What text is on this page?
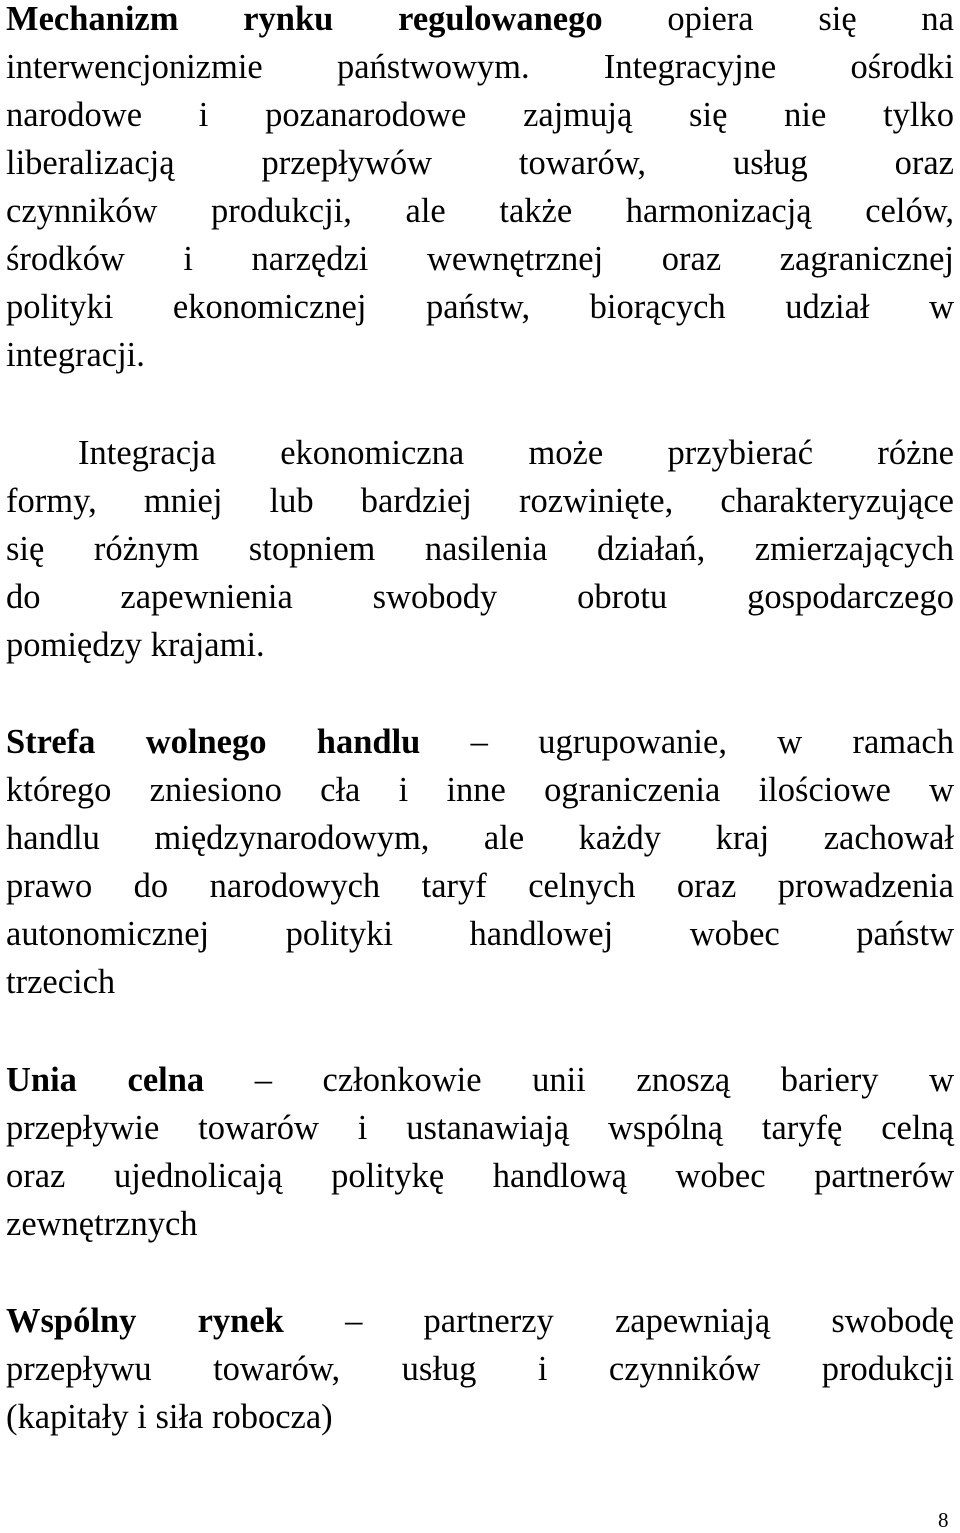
Mechanizm rynku regulowanego opiera się na
interwencjonizmie państwowym. Integracyjne ośrodki
narodowe i pozanarodowe zajmują się nie tylko
liberalizacją przepływów towarów, usług oraz
czynników produkcji, ale także harmonizacją celów,
środków i narzędzi wewnętrznej oraz zagranicznej
polityki ekonomicznej państw, biorących udział w
integracji.
Integracja ekonomiczna może przybierać różne
formy, mniej lub bardziej rozwinięte, charakteryzujące
się różnym stopniem nasilenia działań, zmierzających
do zapewnienia swobody obrotu gospodarczego
pomiędzy krajami.
Strefa wolnego handlu – ugrupowanie, w ramach
którego zniesiono cła i inne ograniczenia ilościowe w
handlu międzynarodowym, ale każdy kraj zachował
prawo do narodowych taryf celnych oraz prowadzenia
autonomicznej polityki handlowej wobec państw
trzecich
Unia celna – członkowie unii znoszą bariery w
przepływie towarów i ustanawiają wspólną taryfę celną
oraz ujednolicają politykę handlową wobec partnerów
zewnętrznych
Wspólny rynek – partnerzy zapewniają swobodę
przepływu towarów, usług i czynników produkcji
(kapitały i siła robocza)
8
